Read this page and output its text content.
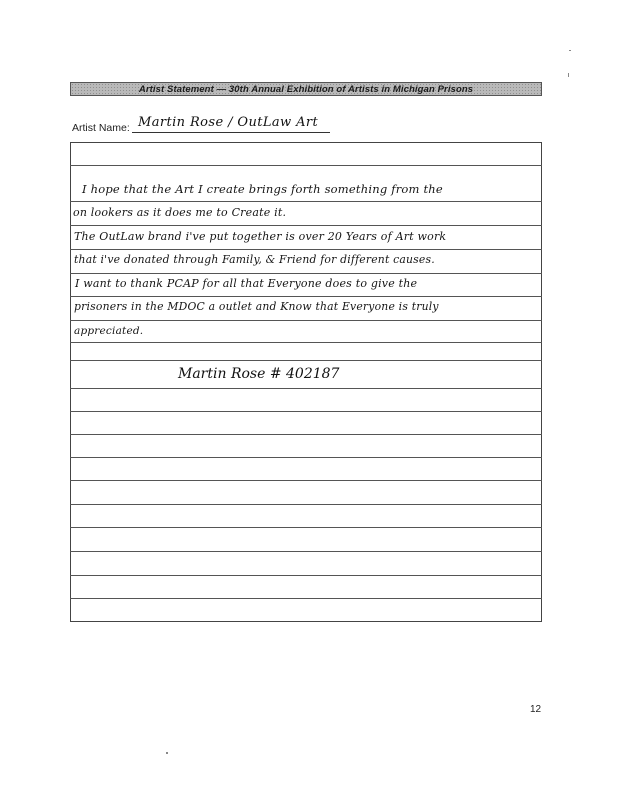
Artist Statement — 30th Annual Exhibition of Artists in Michigan Prisons
Artist Name: Martin Rose / OutLaw Art
I hope that the Art I create brings forth something from the
on lookers as it does me to Create it.
The OutLaw brand i've put together is over 20 Years of Art work
that i've donated through Family, & Friend for different causes.
I want to thank PCAP for all that Everyone does to give the
prisoners in the MDOC a outlet and Know that Everyone is truly
appreciated.
Martin Rose # 402187
12
